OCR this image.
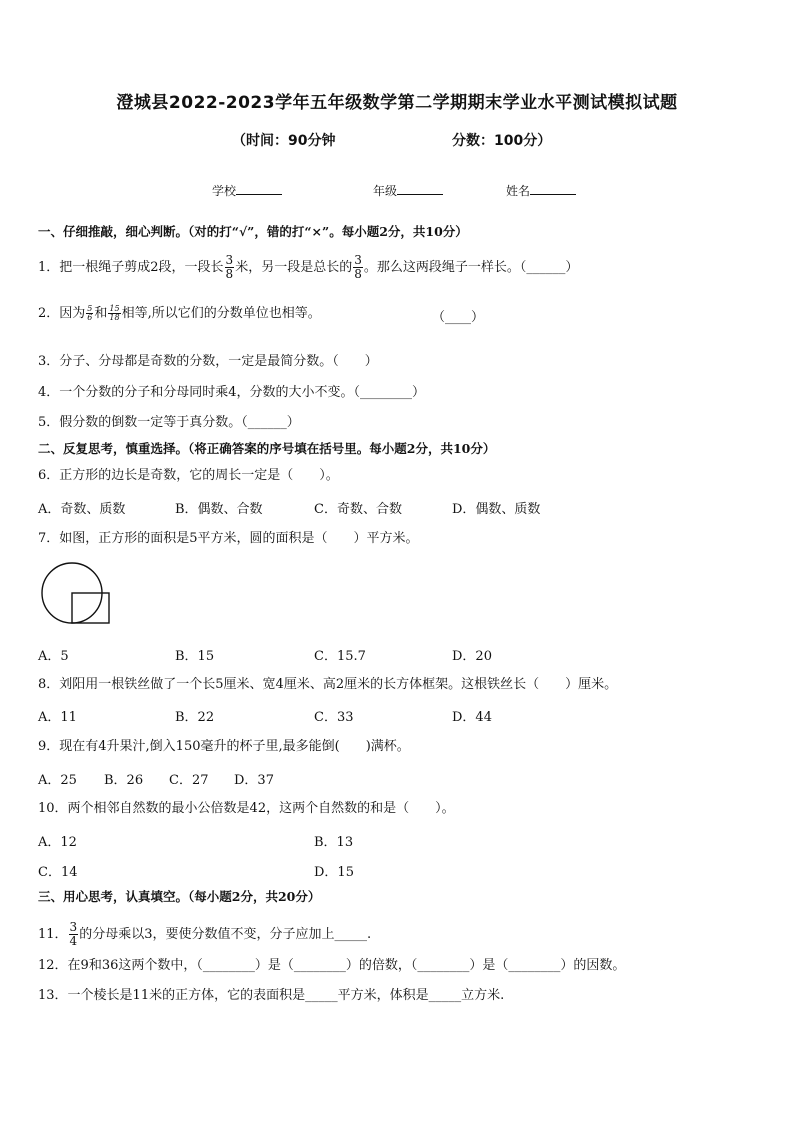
澄城县2022-2023学年五年级数学第二学期期末学业水平测试模拟试题
（时间：90分钟	分数：100分）
学校	年级	姓名
一、仔细推敲，细心判断。（对的打“√”，错的打“×”。每小题2分，共10分）
1．把一根绳子剪成2段，一段长 $\frac{3}{8}$ 米，另一段是总长的 $\frac{3}{8}$ 。那么这两段绳子一样长。（______）
2．因为 $\frac{5}{6}$ 和 $\frac{15}{18}$ 相等,所以它们的分数单位也相等。	（____）
3．分子、分母都是奇数的分数，一定是最简分数。（　　）
4．一个分数的分子和分母同时乘4，分数的大小不变。（________）
5．假分数的倒数一定等于真分数。（______）
二、反复思考，慎重选择。（将正确答案的序号填在括号里。每小题2分，共10分）
6．正方形的边长是奇数，它的周长一定是（　　）。
A．奇数、质数	B．偶数、合数	C．奇数、合数	D．偶数、质数
7．如图，正方形的面积是5平方米，圆的面积是（　　）平方米。
A．5	B．15	C．15.7	D．20
8．刘阳用一根铁丝做了一个长5厘米、宽4厘米、高2厘米的长方体框架。这根铁丝长（　　）厘米。
A．11	B．22	C．33	D．44
9．现在有4升果汁,倒入150毫升的杯子里,最多能倒(　　)满杯。
A．25 B．26 C．27 D．37
10．两个相邻自然数的最小公倍数是42，这两个自然数的和是（　　）。
A．12	B．13
C．14	D．15
三、用心思考，认真填空。（每小题2分，共20分）
11． $\frac{3}{4}$ 的分母乘以3，要使分数值不变，分子应加上_____.
12．在9和36这两个数中，（________）是（________）的倍数，（________）是（________）的因数。
13．一个棱长是11米的正方体，它的表面积是_____平方米，体积是_____立方米.
